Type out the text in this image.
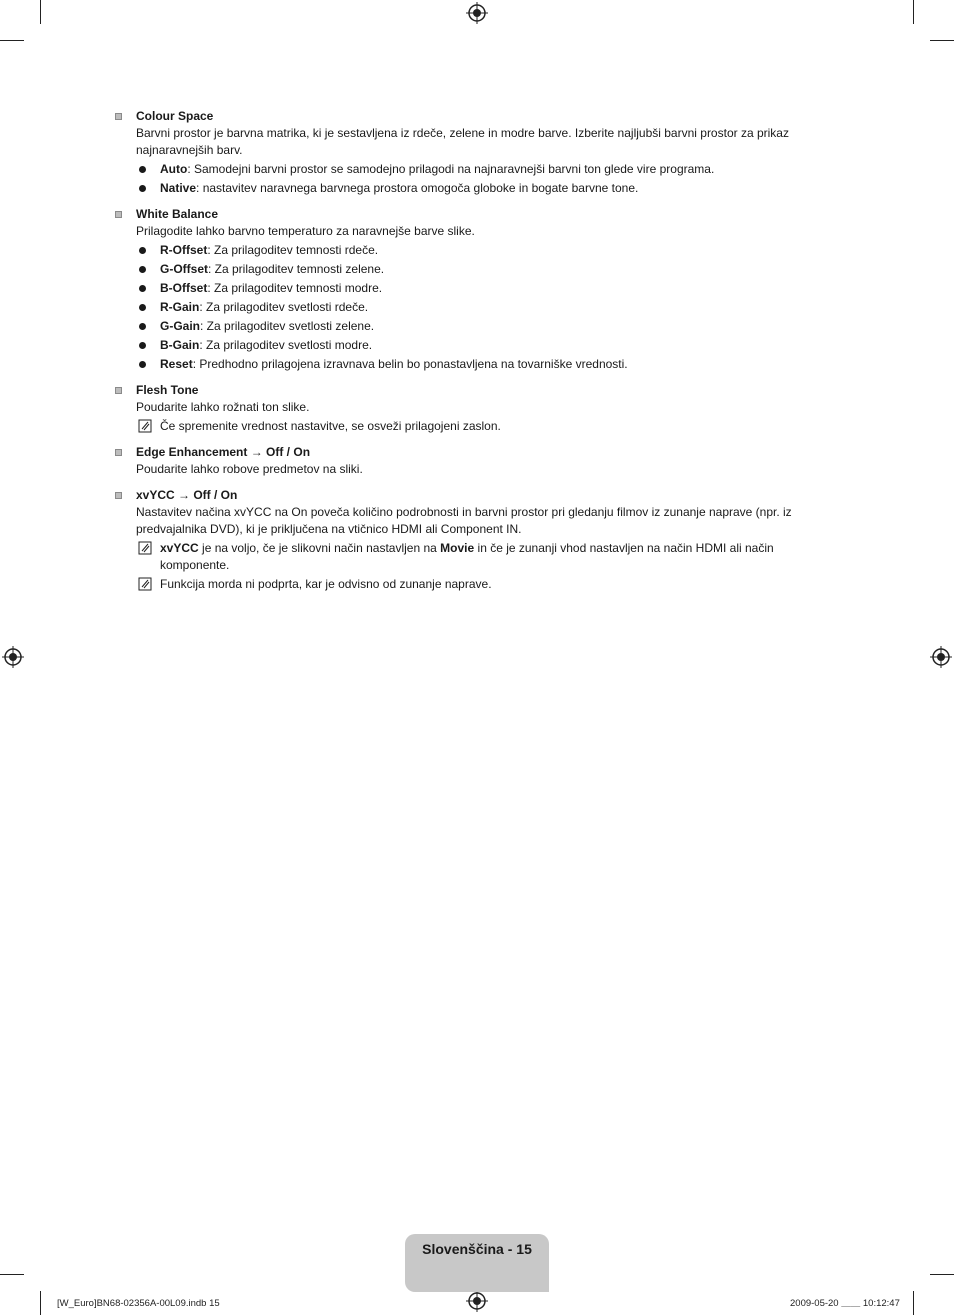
Colour Space
Barvni prostor je barvna matrika, ki je sestavljena iz rdeče, zelene in modre barve. Izberite najljubši barvni prostor za prikaz najnaravnejših barv.
Auto: Samodejni barvni prostor se samodejno prilagodi na najnaravnejši barvni ton glede vire programa.
Native: nastavitev naravnega barvnega prostora omogoča globoke in bogate barvne tone.
White Balance
Prilagodite lahko barvno temperaturo za naravnejše barve slike.
R-Offset: Za prilagoditev temnosti rdeče.
G-Offset: Za prilagoditev temnosti zelene.
B-Offset: Za prilagoditev temnosti modre.
R-Gain: Za prilagoditev svetlosti rdeče.
G-Gain: Za prilagoditev svetlosti zelene.
B-Gain: Za prilagoditev svetlosti modre.
Reset: Predhodno prilagojena izravnava belin bo ponastavljena na tovarniške vrednosti.
Flesh Tone
Poudarite lahko rožnati ton slike.
Če spremenite vrednost nastavitve, se osveži prilagojeni zaslon.
Edge Enhancement → Off / On
Poudarite lahko robove predmetov na sliki.
xvYCC → Off / On
Nastavitev načina xvYCC na On poveča količino podrobnosti in barvni prostor pri gledanju filmov iz zunanje naprave (npr. iz predvajalnika DVD), ki je priključena na vtičnico HDMI ali Component IN.
xvYCC je na voljo, če je slikovni način nastavljen na Movie in če je zunanji vhod nastavljen na način HDMI ali način komponente.
Funkcija morda ni podprta, kar je odvisno od zunanje naprave.
Slovenščina - 15
[W_Euro]BN68-02356A-00L09.indb 15	2009-05-20 ＿＿ 10:12:47
